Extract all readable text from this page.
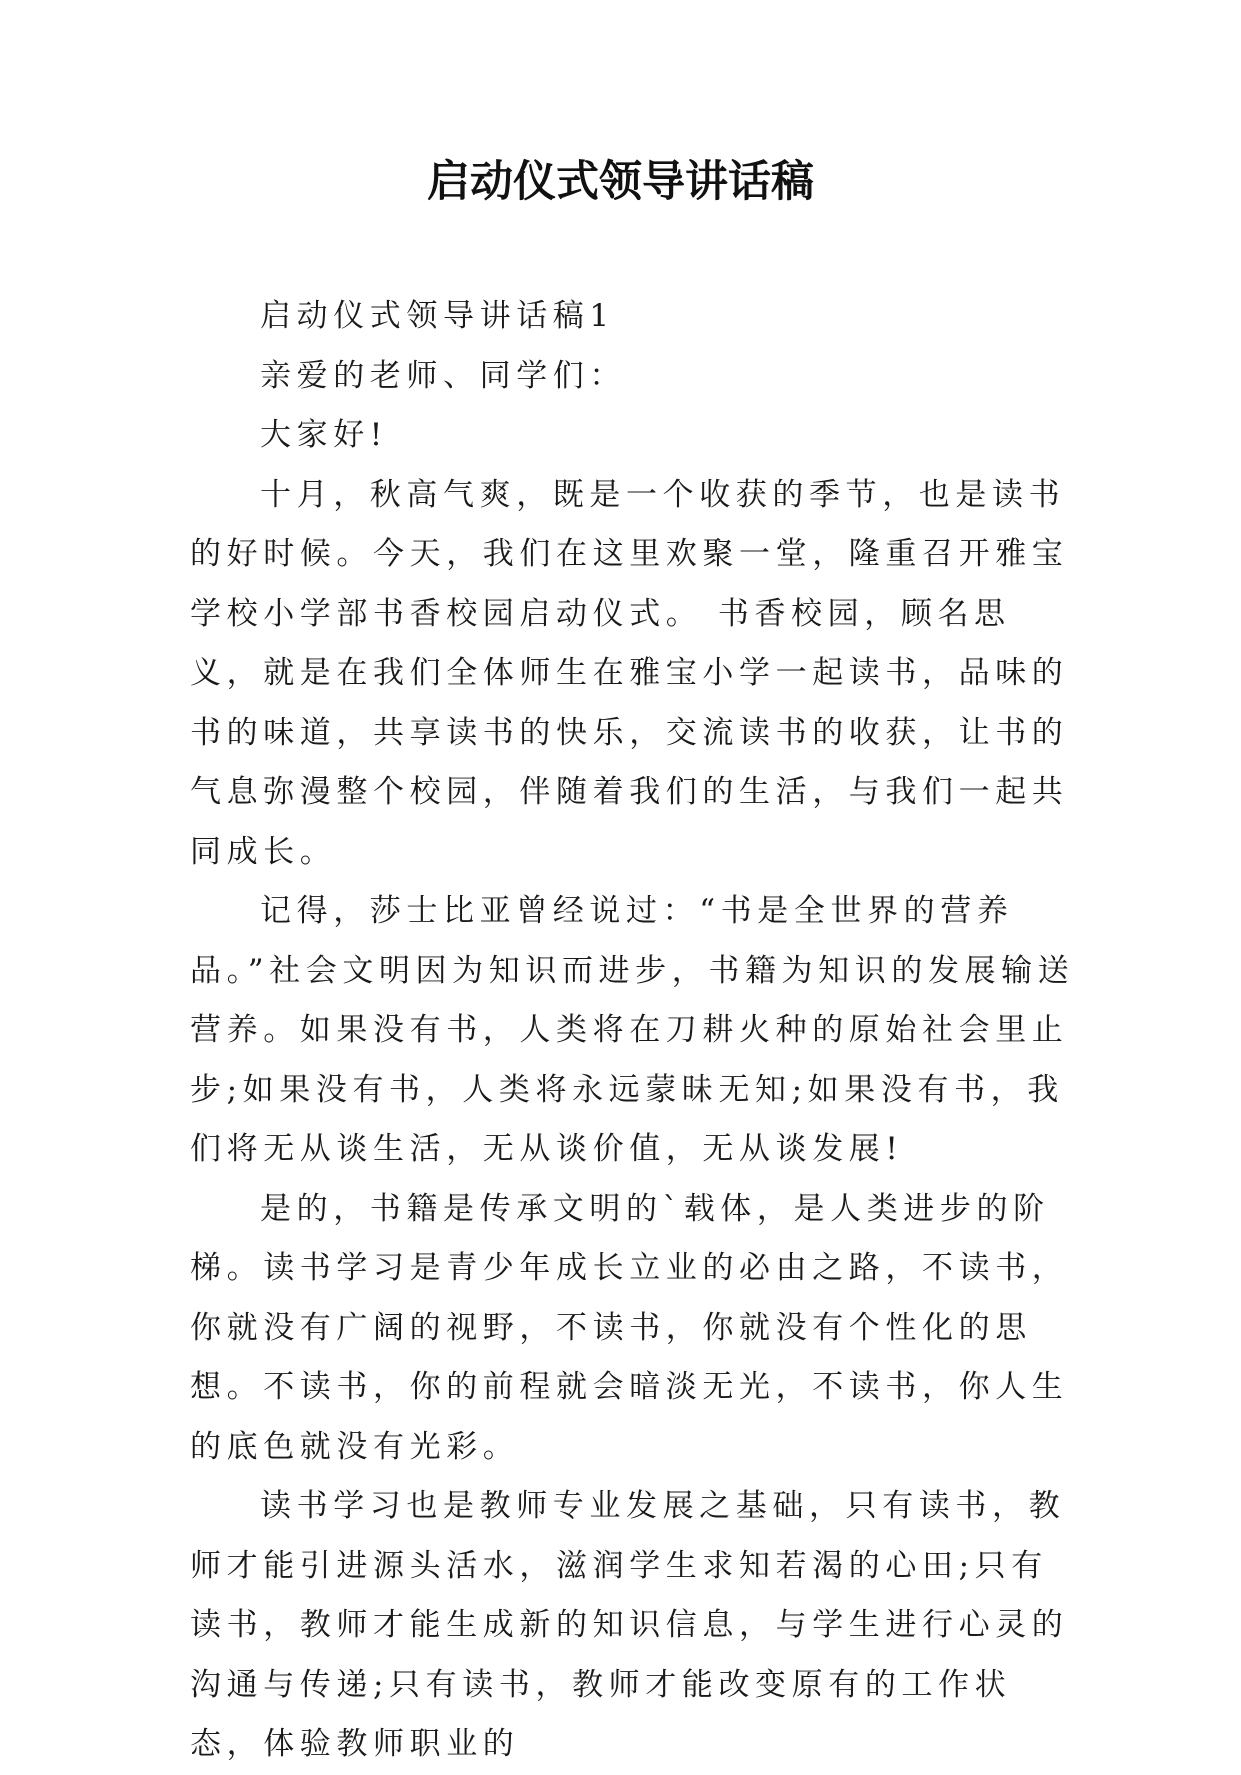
启动仪式领导讲话稿

启动仪式领导讲话稿1

亲爱的老师、同学们：

大家好!

十月，秋高气爽，既是一个收获的季节，也是读书的好时候。今天，我们在这里欢聚一堂，隆重召开雅宝学校小学部书香校园启动仪式。 书香校园，顾名思义，就是在我们全体师生在雅宝小学一起读书，品味的书的味道，共享读书的快乐，交流读书的收获，让书的气息弥漫整个校园，伴随着我们的生活，与我们一起共同成长。

记得，莎士比亚曾经说过：“书是全世界的营养品。”社会文明因为知识而进步，书籍为知识的发展输送营养。如果没有书，人类将在刀耕火种的原始社会里止步;如果没有书，人类将永远蒙昧无知;如果没有书，我们将无从谈生活，无从谈价值，无从谈发展!

是的，书籍是传承文明的`载体，是人类进步的阶梯。读书学习是青少年成长立业的必由之路，不读书，你就没有广阔的视野，不读书，你就没有个性化的思想。不读书，你的前程就会暗淡无光，不读书，你人生的底色就没有光彩。

读书学习也是教师专业发展之基础，只有读书，教师才能引进源头活水，滋润学生求知若渴的心田;只有读书，教师才能生成新的知识信息，与学生进行心灵的沟通与传递;只有读书，教师才能改变原有的工作状态，体验教师职业的
